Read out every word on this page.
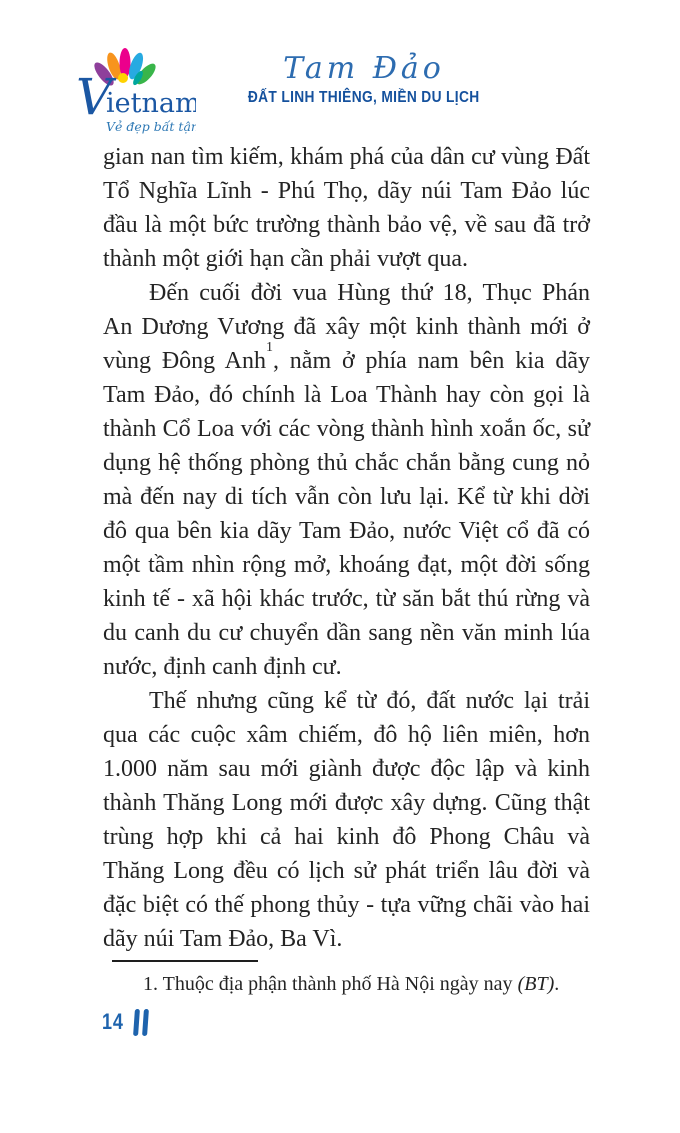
V
ietnam
Vẻ đẹp bất tận
Tam Đảo
ĐẤT LINH THIÊNG, MIỀN DU LỊCH

gian nan tìm kiếm, khám phá của dân cư vùng Đất Tổ Nghĩa Lĩnh - Phú Thọ, dãy núi Tam Đảo lúc đầu là một bức trường thành bảo vệ, về sau đã trở thành một giới hạn cần phải vượt qua.

Đến cuối đời vua Hùng thứ 18, Thục Phán An Dương Vương đã xây một kinh thành mới ở vùng Đông Anh$^1$, nằm ở phía nam bên kia dãy Tam Đảo, đó chính là Loa Thành hay còn gọi là thành Cổ Loa với các vòng thành hình xoắn ốc, sử dụng hệ thống phòng thủ chắc chắn bằng cung nỏ mà đến nay di tích vẫn còn lưu lại. Kể từ khi dời đô qua bên kia dãy Tam Đảo, nước Việt cổ đã có một tầm nhìn rộng mở, khoáng đạt, một đời sống kinh tế - xã hội khác trước, từ săn bắt thú rừng và du canh du cư chuyển dần sang nền văn minh lúa nước, định canh định cư.

Thế nhưng cũng kể từ đó, đất nước lại trải qua các cuộc xâm chiếm, đô hộ liên miên, hơn 1.000 năm sau mới giành được độc lập và kinh thành Thăng Long mới được xây dựng. Cũng thật trùng hợp khi cả hai kinh đô Phong Châu và Thăng Long đều có lịch sử phát triển lâu đời và đặc biệt có thế phong thủy - tựa vững chãi vào hai dãy núi Tam Đảo, Ba Vì.

1. Thuộc địa phận thành phố Hà Nội ngày nay (BT).
14
